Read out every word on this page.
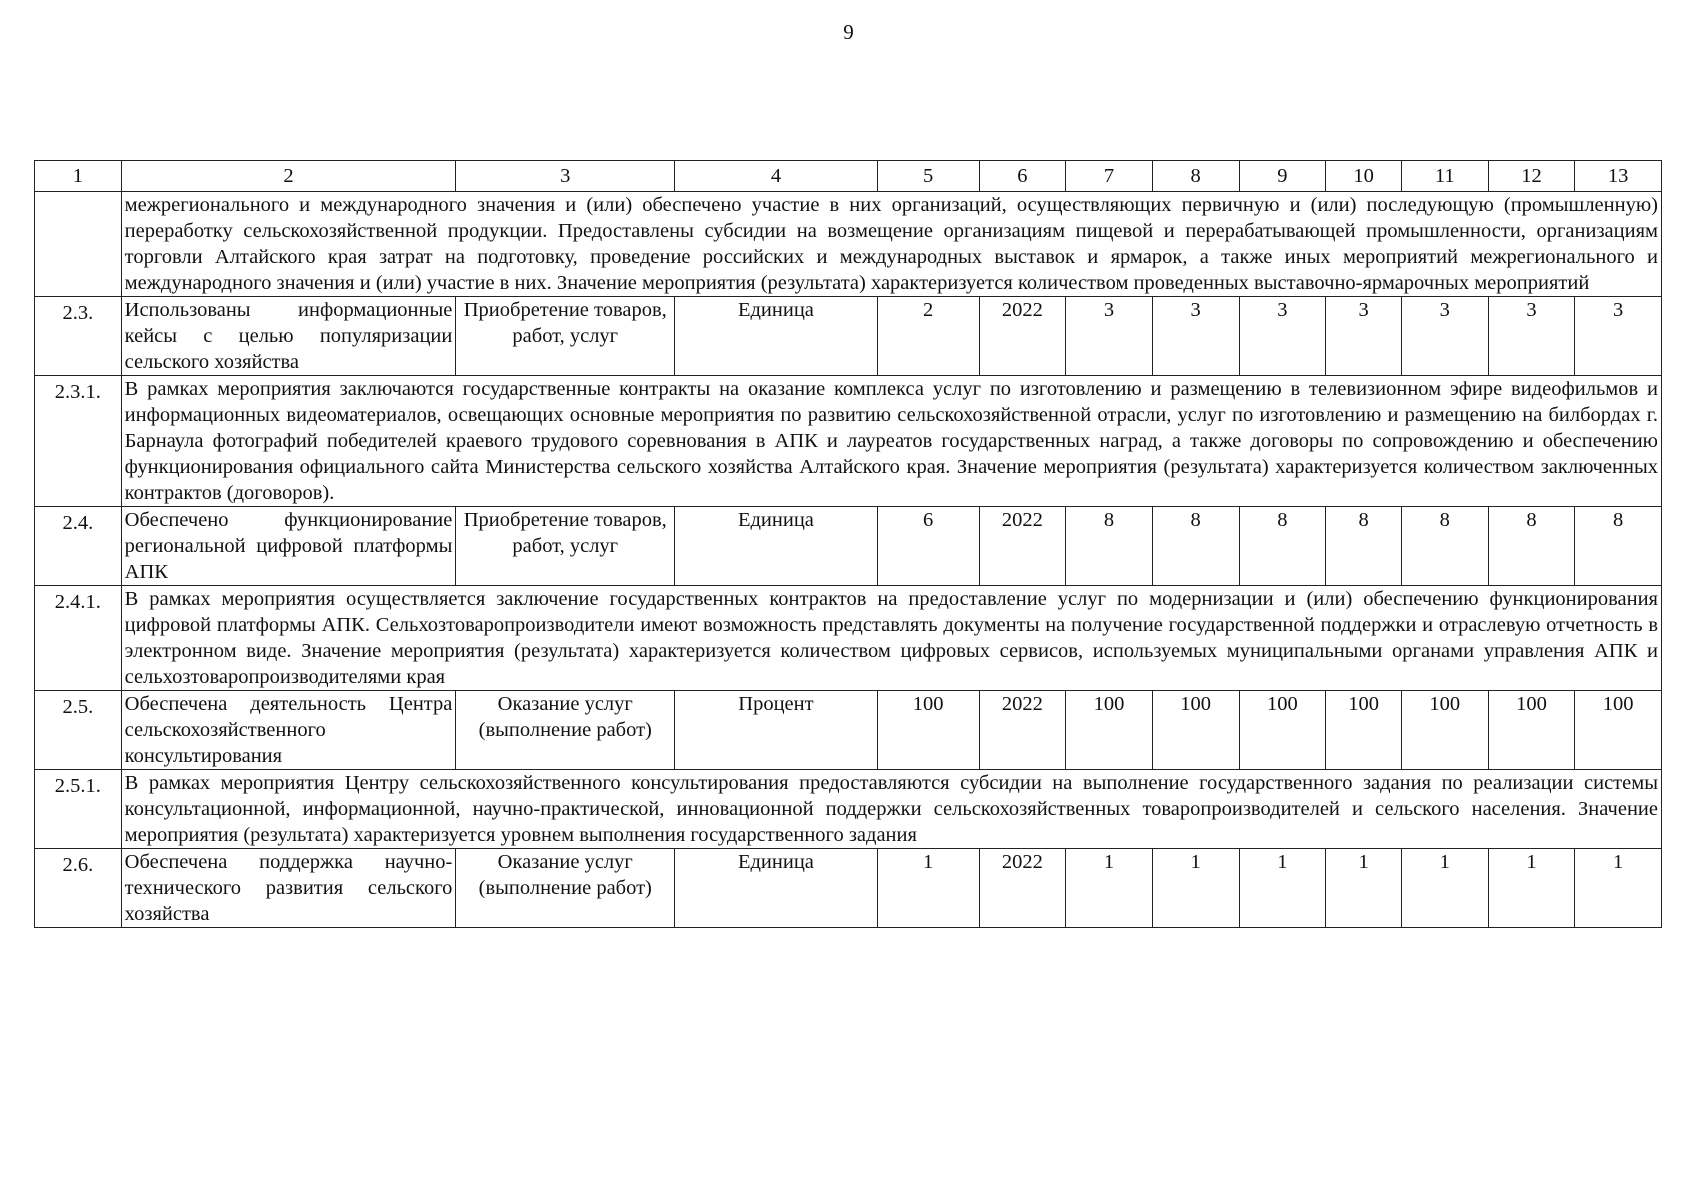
9
1	2	3	4	5	6	7	8	9	10	11	12	13
	межрегионального и международного значения и (или) обеспечено участие в них организаций, осуществляющих первичную и (или) последующую (промышленную) переработку сельскохозяйственной продукции. Предоставлены субсидии на возмещение организациям пищевой и перерабатывающей промышленности, организациям торговли Алтайского края затрат на подготовку, проведение российских и международных выставок и ярмарок, а также иных мероприятий межрегионального и международного значения и (или) участие в них. Значение мероприятия (результата) характеризуется количеством проведенных выставочно-ярмарочных мероприятий											
2.3.	Использованы информационные кейсы с целью популяризации сельского хозяйства	Приобретение товаров, работ, услуг	Единица	2	2022	3	3	3	3	3	3	3
2.3.1.	В рамках мероприятия заключаются государственные контракты на оказание комплекса услуг по изготовлению и размещению в телевизионном эфире видеофильмов и информационных видеоматериалов, освещающих основные мероприятия по развитию сельскохозяйственной отрасли, услуг по изготовлению и размещению на билбордах г. Барнаула фотографий победителей краевого трудового соревнования в АПК и лауреатов государственных наград, а также договоры по сопровождению и обеспечению функционирования официального сайта Министерства сельского хозяйства Алтайского края. Значение мероприятия (результата) характеризуется количеством заключенных контрактов (договоров).											
2.4.	Обеспечено функционирование региональной цифровой платформы АПК	Приобретение товаров, работ, услуг	Единица	6	2022	8	8	8	8	8	8	8
2.4.1.	В рамках мероприятия осуществляется заключение государственных контрактов на предоставление услуг по модернизации и (или) обеспечению функционирования цифровой платформы АПК. Сельхозтоваропроизводители имеют возможность представлять документы на получение государственной поддержки и отраслевую отчетность в электронном виде. Значение мероприятия (результата) характеризуется количеством цифровых сервисов, используемых муниципальными органами управления АПК и сельхозтоваропроизводителями края											
2.5.	Обеспечена деятельность Центра сельскохозяйственного консультирования	Оказание услуг (выполнение работ)	Процент	100	2022	100	100	100	100	100	100	100
2.5.1.	В рамках мероприятия Центру сельскохозяйственного консультирования предоставляются субсидии на выполнение государственного задания по реализации системы консультационной, информационной, научно-практической, инновационной поддержки сельскохозяйственных товаропроизводителей и сельского населения. Значение мероприятия (результата) характеризуется уровнем выполнения государственного задания											
2.6.	Обеспечена поддержка научно-технического развития сельского хозяйства	Оказание услуг (выполнение работ)	Единица	1	2022	1	1	1	1	1	1	1
